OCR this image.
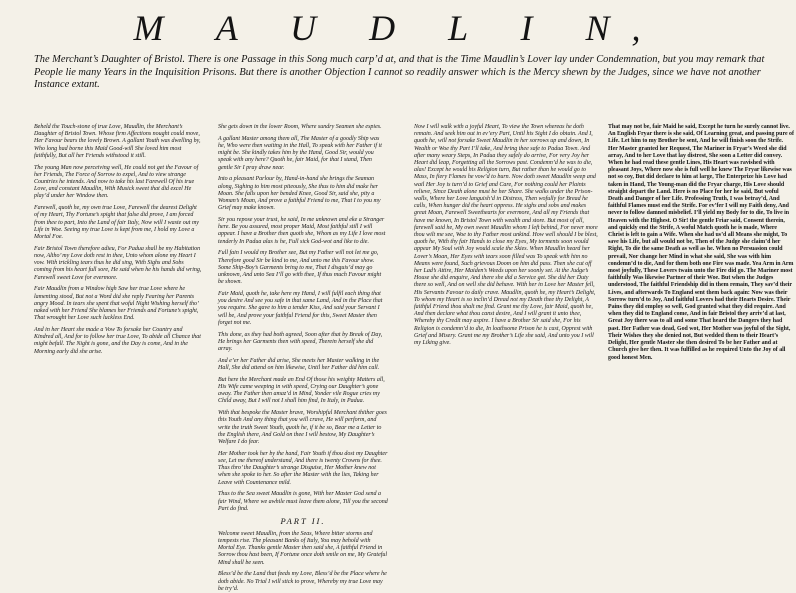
M A U D L I N,
The Merchant’s Daughter of Bristol. There is one Passage in this Song much carp’d at, and that is the Time Maudlin’s Lover lay under Condemnation, but you may remark that People lie many Years in the Inquisition Prisons. But there is another Objection I cannot so readily answer which is the Mercy shewn by the Judges, since we have not another Instance extant.

Beheld the Touch-stone of true Love, Maudlin, the Merchant’s Daughter of Bristol Town. Whose firm Affections nought could move, Her Favour bears the lovely Brown. A gallant Youth was dwelling by, Who long had borne this Maid Good-will She loved him most faithfully, But all her Friends withstood it still.

The young Man now perceiving well, He could not get the Favour of her Friends, The Force of Sorrow to expel, And to view strange Countries he intends. And now to take his last Farewell Of his true Love, and constant Maudlin, With Musick sweet that did excel He play’d under her Window then.

Farewell, quoth he, my own true Love, Farewell the dearest Delight of my Heart, Thy Fortune’s spight that false did prove, I am forced from thee to part, Into the Land of fair Italy, Now will I waste out my Life in Woe. Seeing my true Love is kept from me, I hold my Love a Mortal Foe.

Fair Bristol Town therefore adieu, For Padua shall be my Habitation now, Altho’ my Love doth rest in thee, Unto whom alone my Heart I vow. With trickling tears thus he did sing, With Sighs and Sobs coming from his heart full sore, He said when he his hands did wring, Farewell sweet Love for evermore.

Fair Maudlin from a Window high Saw her true Love where he lamenting stood, But not a Word did she reply Fearing her Parents angry Mood. In tears she spent that woful Night Wishing herself tho’ naked with her Friend She blames her Friends and Fortune’s spight, That wrought her Love such luckless End.

And in her Heart she made a Vow To forsake her Country and Kindred all, And for to follow her true Love, To abide all Chance that might befall. The Night is gone, and the Day is come, And in the Morning early did she arise.

She gets down in the lower Room, Where sundry Seamen she espies.

A gallant Master among them all, The Master of a goodly Ship was he, Who were then waiting in the Hall, To speak with her Father if it might be. She kindly takes him by the Hand, Good Sir, would you speak with any here? Quoth he, fair Maid, for that I stand, Then gentle Sir I pray draw near.

Into a pleasant Parlour by, Hand-in-hand she brings the Seaman along, Sighing to him most piteously, She thus to him did make her Moan. She falls upon her bended Knee, Good Sir, said she, pity a Woman’s Moan, And prove a faithful Friend to me, That I to you my Grief may make known.

Sir you repose your trust, he said, In me unknown and eke a Stranger here. Be you assured, most proper Maid, Most faithful still I will appear. I have a Brother then quoth she, Whom as my Life I love most tenderly In Padua alas is he, Full sick God-wot and like to die.

Full fain I would my Brother see, But my Father will not let me go, Therefore good Sir be kind to me, And unto me this Favour show. Some Ship-Boy’s Garments bring to me, That I disguis’d may go unknown, And unto Sea I’ll go with thee, If thus much Favour might be shown.

Fair Maid, quoth he, take here my Hand, I will fulfil each thing that you desire And see you safe in that same Land, And in the Place that you require. She gave to him a tender Kiss, And said your Servant I will be, And prove your faithful Friend for this, Sweet Master then forget not me.

This done, as they had both agreed, Soon after that by Break of Day, He brings her Garments then with speed, Therein herself she did array.

And e’er her Father did arise, She meets her Master walking in the Hall, She did attend on him likewise, Until her Father did him call.

But here the Merchant made an End Of those his weighty Matters all, His Wife came weeping in with speed, Crying our Daughter’s gone away. The Father then amaz’d in Mind, Yonder vile Rogue cries my Child away, But I will not I shall him find, In Italy, in Padua.

With that bespoke the Master brave, Worshipful Merchant thither goes this Youth And any thing that you will crave, He will perform, and write the truth Sweet Youth, quoth he, if it be so, Bear me a Letter to the English there, And Gold on thee I will bestow, My Daughter’s Welfare I do fear.

Her Mother took her by the hand, Fair Youth if thou dost my Daughter see, Let me thereof understand, And there is twenty Crowns for thee. Thus thro’ the Daughter’s strange Disguise, Her Mother knew not when she spoke to her. So after the Master with the lies, Taking her Leave with Countenance mild.

Thus to the Sea sweet Maudlin is gone, With her Master God send a fair Wind, Where we awhile must leave them alone, Till you the second Part do find.

PART II.

Welcome sweet Maudlin, from the Seas, Where bitter storms and tempests rise. The pleasant Banks of Italy, You may behold with Mortal Eye. Thanks gentle Master then said she, A faithful Friend in Sorrow thou hast been, If Fortune once doth smile on me, My Grateful Mind shall be seen.

Bless’d be the Land that feeds my Love, Bless’d be the Place where he doth abide. No Trial I will stick to prove, Whereby my true Love may be try’d.

Now I will walk with a joyful Heart, To view the Town whereas he doth remain. And seek him out in ev’ery Part, Until his Sight I do obtain. And I, quoth he, will not forsake Sweet Maudlin in her sorrows up and down, In Wealth or Woe thy Part I’ll take, And bring thee safe to Padua Town. And after many weary Steps, In Padua they safely do arrive, For very Joy her Heart did leap, Forgetting all the Sorrows past. Condemn’d he was to die, alas! Except he would his Religion turn, But rather than he would go to Mass, In fiery Flames he vow’d to burn. Now doth sweet Maudlin weep and wail Her Joy is turn’d to Grief and Care, For nothing could her Plaints relieve, Since Death alone must be her Share. She walks under the Prison-walls, Where her Love languish’d in Distress, Then wofully for Bread he calls, When hunger did the heart oppress. He sighs and sobs and makes great Moan, Farewell Sweethearts for evermore, And all my Friends that have me known, In Bristol Town with wealth and store. But most of all, farewell said he, My own sweet Maudlin whom I left behind, For never more thou wilt me see, Woe to thy Father most unkind. How well should I be blest, quoth he, With thy fair Hands to close my Eyes, My torments soon would appear My Soul with Joy would scale the Skies. When Maudlin heard her Lover’s Moan, Her Eyes with tears soon filled was To speak with him no Means were found, Such grievous Doom on him did pass. Then she cut off her Lad’s Attire, Her Maiden’s Weeds upon her soonly set. At the Judge’s House she did enquire, And there she did a Service get. She did her Duty there so well, And on well she did behave. With her in Love her Master fell, His Servants Favour to daily crave. Maudlin, quoth he, my Heart’s Delight, To whom my Heart is so inclin’d Dread not my Death thee thy Delight, A faithful Friend thou shalt me find. Grant me thy Love, fair Maid, quoth he, And then declare what thou canst desire, And I will grant it unto thee, Whereby thy Credit may aspire. I have a Brother Sir said she, For his Religion is condemn’d to die, In loathsome Prison he is cast, Opprest with Grief and Misery. Grant me my Brother’s Life she said, And unto you I will my Liking give.

That may not be, fair Maid he said, Except he turn he surely cannot live. An English Fryar there is she said, Of Learning great, and passing pure of Life. Let him to my Brother be sent, And he will finish soon the Strife. Her Master granted her Request, The Mariner in Fryar’s Weed she did array, And to her Love that lay distrest, She soon a Letter did convey. When he had read these gentle Lines, His Heart was ravished with pleasant Joys, Where now she is full well he knew The Fryar likewise was not so coy, But did declare to him at large, The Enterprize his Love had taken in Hand, The Young-man did the Fryar charge, His Love should straight depart the Land. Here is no Place for her he said, But woful Death and Danger of her Life. Professing Truth, I was betray’d, And faithful Flames must end the Strife. For ev’fer I will my Faith deny, And never to follow damned misbelief. I’ll yield my Body for to die, To live in Heaven with the Highest. O Sir! the gentle Friar said, Consent therein, and quickly end the Strife, A woful Match quoth he is made, Where Christ is left to gain a Wife. When she had us’d all Means she might, To save his Life, but all would not be, Then of the Judge she claim’d her Right, To die the same Death as well as he. When no Persuasion could prevail, Nor change her Mind in what she said, She was with him condemn’d to die, And for them both one Fire was made. Yea Arm in Arm most joyfully, These Lovers twain unto the Fire did go. The Mariner most faithfully Was likewise Partner of their Woe. But when the Judges understood, The faithful Friendship did in them remain, They sav’d their Lives, and afterwards To England sent them back again: Now was their Sorrow turn’d to Joy, And faithful Lovers had their Hearts Desire. Their Pains they did employ so well, God granted what they did require. And when they did to England come, And in fair Bristol they arriv’d at last, Great Joy there was to all and some That heard the Dangers they had past. Her Father was dead, God wot, Her Mother was joyful of the Sight, Their Wishes they she denied not, But wedded them to their Heart’s Delight, Her gentle Master she then desired To be her Father and at Church give her then. It was fulfilled as he required Unto the Joy of all good honest Men.
